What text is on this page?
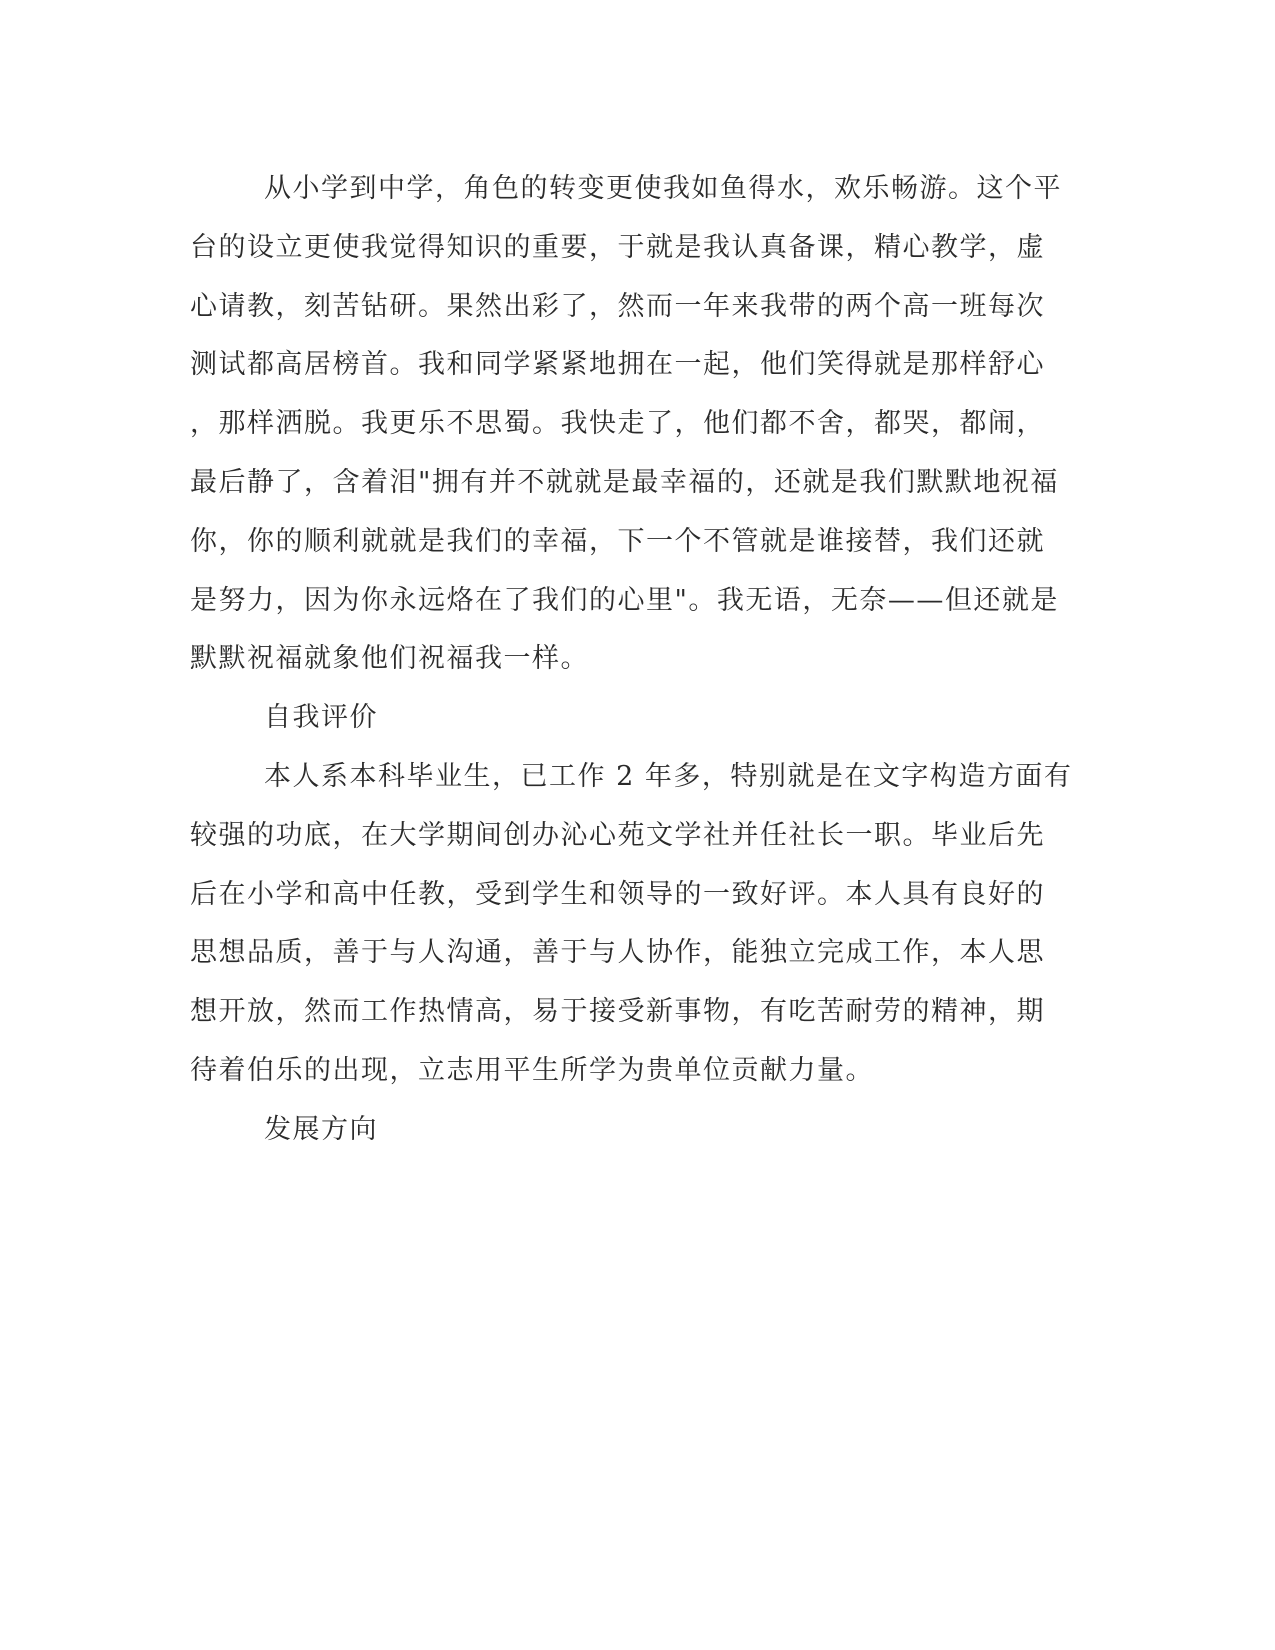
从小学到中学，角色的转变更使我如鱼得水，欢乐畅游。这个平
台的设立更使我觉得知识的重要，于就是我认真备课，精心教学，虚
心请教，刻苦钻研。果然出彩了，然而一年来我带的两个高一班每次
测试都高居榜首。我和同学紧紧地拥在一起，他们笑得就是那样舒心
，那样洒脱。我更乐不思蜀。我快走了，他们都不舍，都哭，都闹，
最后静了，含着泪"拥有并不就就是最幸福的，还就是我们默默地祝福
你，你的顺利就就是我们的幸福，下一个不管就是谁接替，我们还就
是努力，因为你永远烙在了我们的心里"。我无语，无奈——但还就是
默默祝福就象他们祝福我一样。
自我评价
本人系本科毕业生，已工作 2 年多，特别就是在文字构造方面有
较强的功底，在大学期间创办沁心苑文学社并任社长一职。毕业后先
后在小学和高中任教，受到学生和领导的一致好评。本人具有良好的
思想品质，善于与人沟通，善于与人协作，能独立完成工作，本人思
想开放，然而工作热情高，易于接受新事物，有吃苦耐劳的精神，期
待着伯乐的出现，立志用平生所学为贵单位贡献力量。
发展方向
